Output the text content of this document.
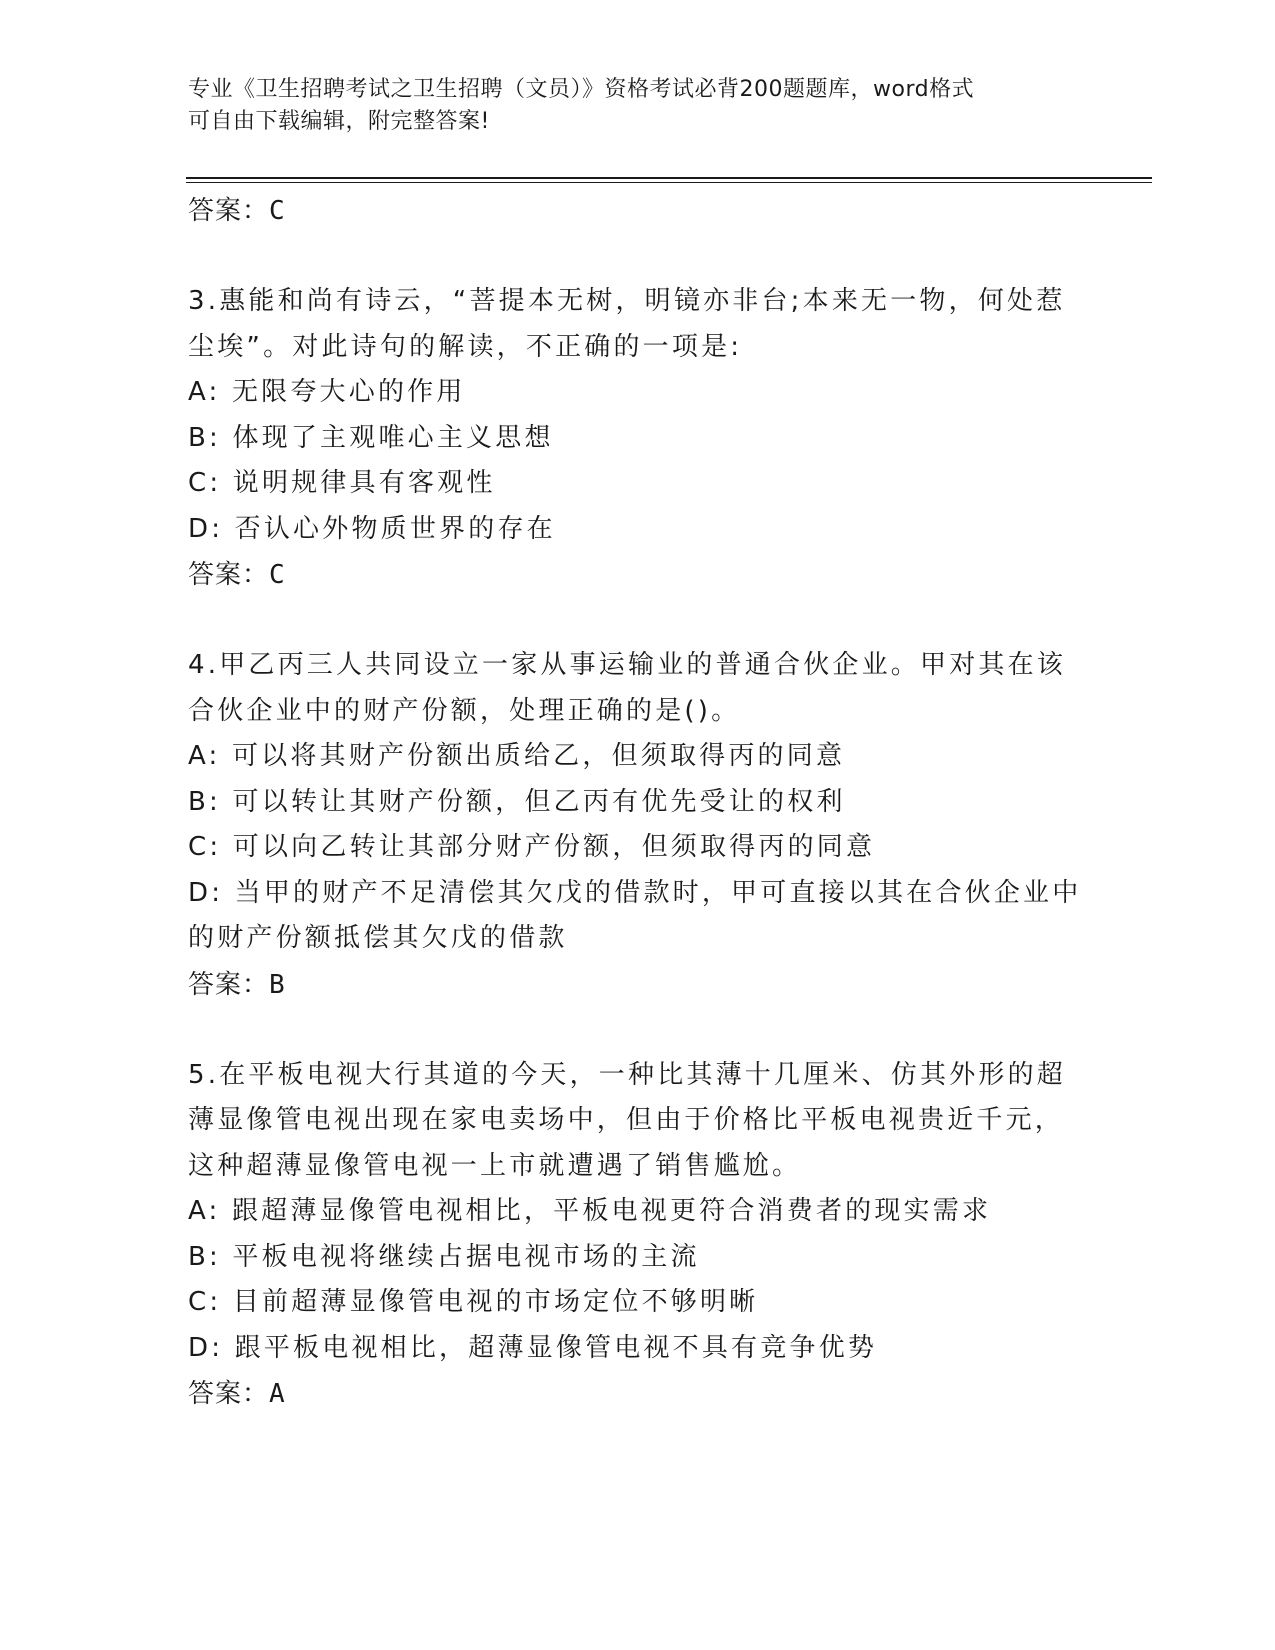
专业《卫生招聘考试之卫生招聘（文员）》资格考试必背200题题库，word格式
可自由下载编辑，附完整答案!
答案：C
3.惠能和尚有诗云，“菩提本无树，明镜亦非台;本来无一物，何处惹尘埃”。对此诗句的解读，不正确的一项是:
A: 无限夸大心的作用
B: 体现了主观唯心主义思想
C: 说明规律具有客观性
D: 否认心外物质世界的存在
答案：C
4.甲乙丙三人共同设立一家从事运输业的普通合伙企业。甲对其在该合伙企业中的财产份额，处理正确的是()。
A: 可以将其财产份额出质给乙，但须取得丙的同意
B: 可以转让其财产份额，但乙丙有优先受让的权利
C: 可以向乙转让其部分财产份额，但须取得丙的同意
D: 当甲的财产不足清偿其欠戊的借款时，甲可直接以其在合伙企业中的财产份额抵偿其欠戊的借款
答案：B
5.在平板电视大行其道的今天，一种比其薄十几厘米、仿其外形的超薄显像管电视出现在家电卖场中，但由于价格比平板电视贵近千元，这种超薄显像管电视一上市就遭遇了销售尴尬。
A: 跟超薄显像管电视相比，平板电视更符合消费者的现实需求
B: 平板电视将继续占据电视市场的主流
C: 目前超薄显像管电视的市场定位不够明晰
D: 跟平板电视相比，超薄显像管电视不具有竞争优势
答案：A
